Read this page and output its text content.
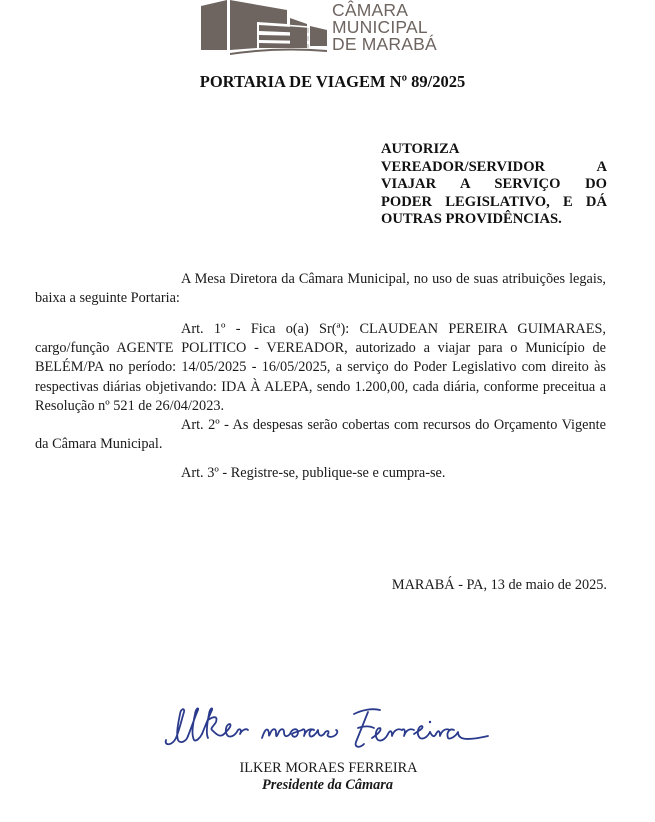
CÂMARA
MUNICIPAL
DE MARABÁ
PORTARIA DE VIAGEM Nº 89/2025
AUTORIZA
VEREADOR/SERVIDOR A
VIAJAR A SERVIÇO DO
PODER LEGISLATIVO, E DÁ
OUTRAS PROVIDÊNCIAS.
A Mesa Diretora da Câmara Municipal, no uso de suas atribuições legais, baixa a seguinte Portaria:
Art. 1º - Fica o(a) Sr(ª): CLAUDEAN PEREIRA GUIMARAES, cargo/função AGENTE POLITICO - VEREADOR, autorizado a viajar para o Município de BELÉM/PA no período: 14/05/2025 - 16/05/2025, a serviço do Poder Legislativo com direito às respectivas diárias objetivando: IDA À ALEPA, sendo 1.200,00, cada diária, conforme preceitua a Resolução nº 521 de 26/04/2023.
Art. 2º - As despesas serão cobertas com recursos do Orçamento Vigente da Câmara Municipal.
Art. 3º - Registre-se, publique-se e cumpra-se.
MARABÁ - PA, 13 de maio de 2025.
ILKER MORAES FERREIRA
Presidente da Câmara
